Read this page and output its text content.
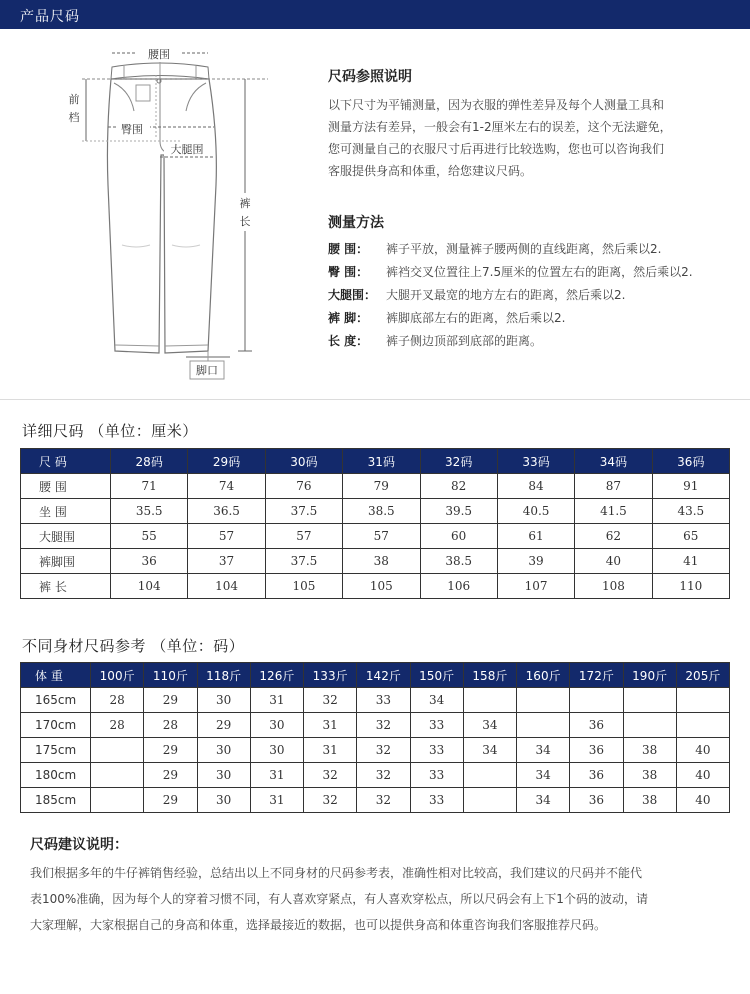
产品尺码
腰围
前
档
臀围
大腿围
裤
长
脚口
尺码参照说明

以下尺寸为平铺测量，因为衣服的弹性差异及每个人测量工具和

测量方法有差异，一般会有1-2厘米左右的误差，这个无法避免，

您可测量自己的衣服尺寸后再进行比较选购，您也可以咨询我们

客服提供身高和体重，给您建议尺码。

测量方法
腰 围：	裤子平放，测量裤子腰两侧的直线距离，然后乘以2.
臀 围：	裤裆交叉位置往上7.5厘米的位置左右的距离，然后乘以2.
大腿围： 大腿开叉最宽的地方左右的距离，然后乘以2.
裤 脚：	裤脚底部左右的距离，然后乘以2.
长 度：	裤子侧边顶部到底部的距离。
详细尺码 （单位：厘米）
尺 码	28码	29码	30码	31码	32码	33码	34码	36码
腰 围	71	74	76	79	82	84	87	91
坐 围	35.5	36.5	37.5	38.5	39.5	40.5	41.5	43.5
大腿围	55	57	57	57	60	61	62	65
裤脚围	36	37	37.5	38	38.5	39	40	41
裤 长	104	104	105	105	106	107	108	110
不同身材尺码参考 （单位：码）
体 重	100斤	110斤	118斤	126斤	133斤	142斤	150斤	158斤	160斤	172斤	190斤	205斤
165cm	28	29	30	31	32	33	34					
170cm	28	28	29	30	31	32	33	34		36		
175cm		29	30	30	31	32	33	34	34	36	38	40
180cm		29	30	31	32	32	33		34	36	38	40
185cm		29	30	31	32	32	33		34	36	38	40
尺码建议说明：

我们根据多年的牛仔裤销售经验，总结出以上不同身材的尺码参考表，准确性相对比较高，我们建议的尺码并不能代

表100%准确，因为每个人的穿着习惯不同，有人喜欢穿紧点，有人喜欢穿松点，所以尺码会有上下1个码的波动，请

大家理解，大家根据自己的身高和体重，选择最接近的数据，也可以提供身高和体重咨询我们客服推荐尺码。
